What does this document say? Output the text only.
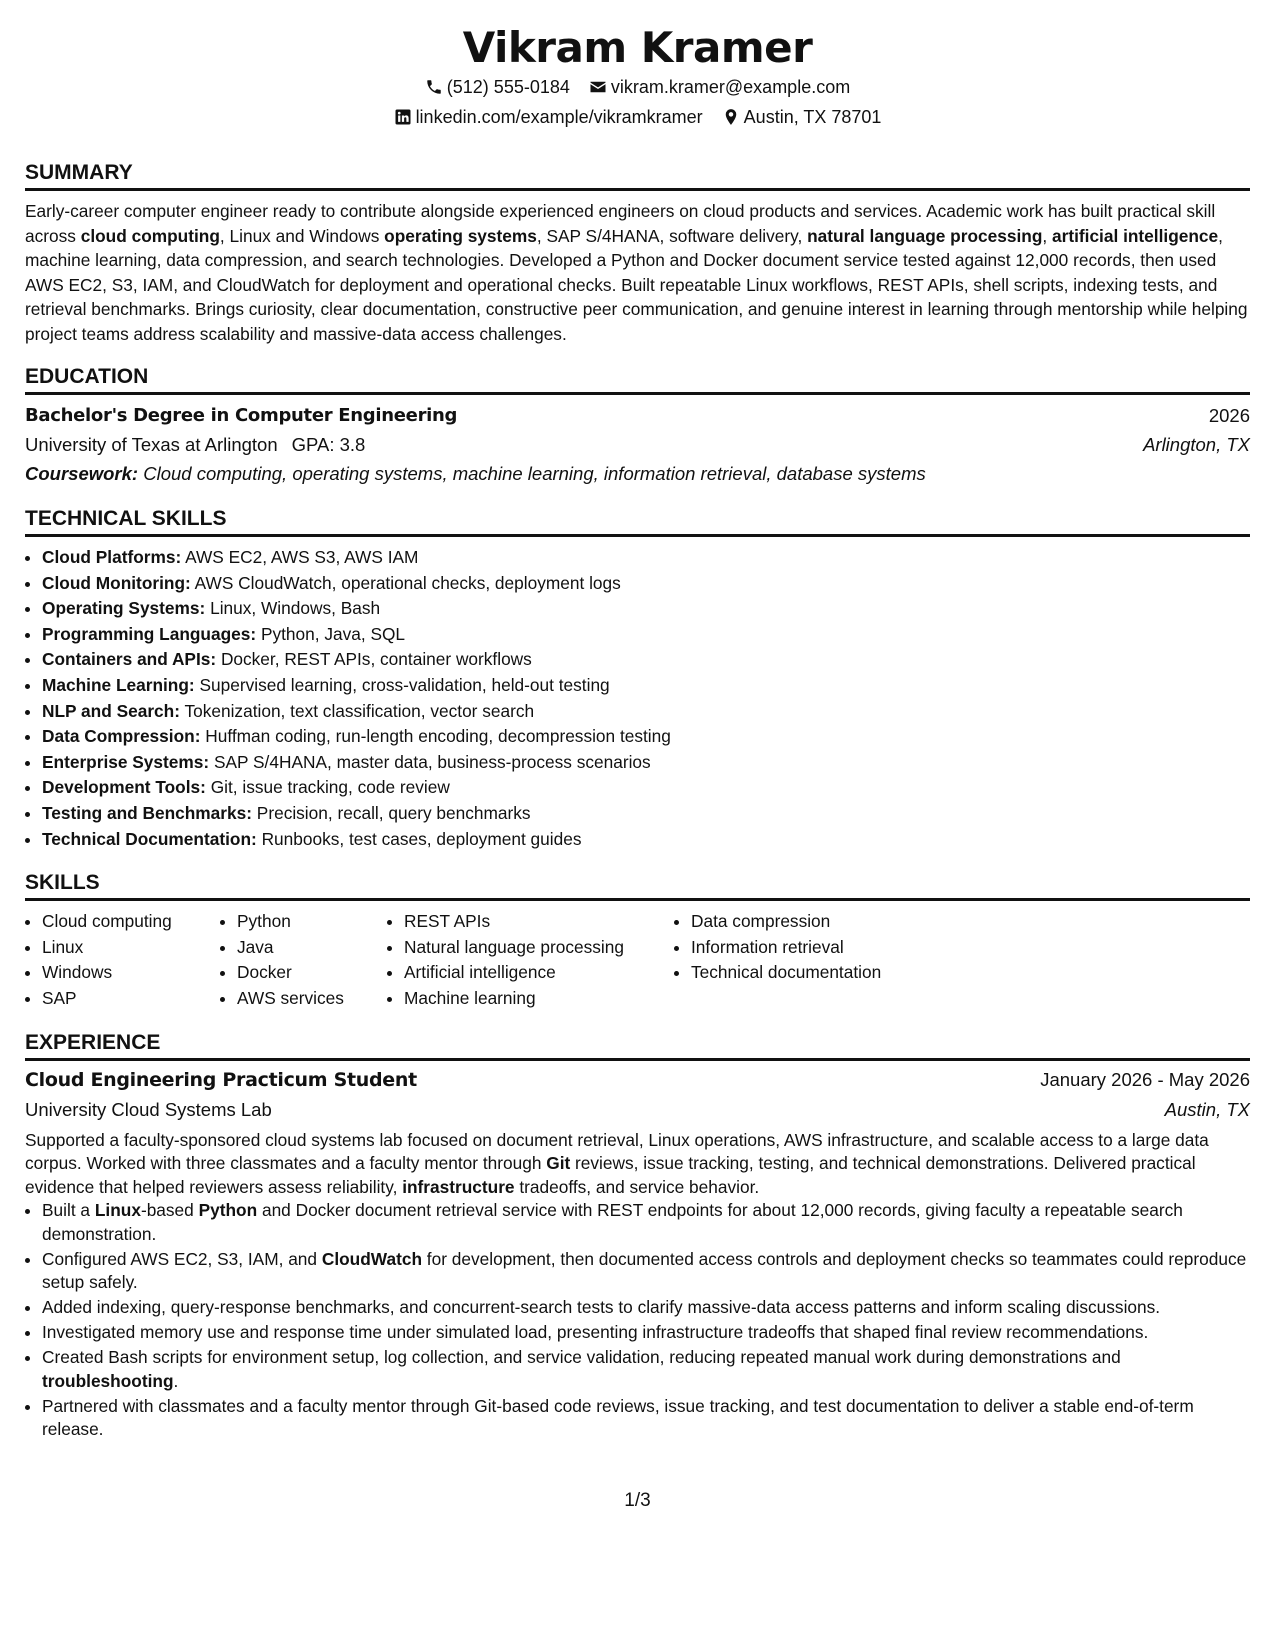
Vikram Kramer
(512) 555-0184 vikram.kramer@example.com
linkedin.com/example/vikramkramer Austin, TX 78701
SUMMARY

Early-career computer engineer ready to contribute alongside experienced engineers on cloud products and services. Academic work has built practical skill across cloud computing, Linux and Windows operating systems, SAP S/4HANA, software delivery, natural language processing, artificial intelligence, machine learning, data compression, and search technologies. Developed a Python and Docker document service tested against 12,000 records, then used AWS EC2, S3, IAM, and CloudWatch for deployment and operational checks. Built repeatable Linux workflows, REST APIs, shell scripts, indexing tests, and retrieval benchmarks. Brings curiosity, clear documentation, constructive peer communication, and genuine interest in learning through mentorship while helping project teams address scalability and massive-data access challenges.

EDUCATION
Bachelor's Degree in Computer Engineering	2026
University of Texas at Arlington GPA: 3.8	Arlington, TX
Coursework: Cloud computing, operating systems, machine learning, information retrieval, database systems
TECHNICAL SKILLS
• Cloud Platforms: AWS EC2, AWS S3, AWS IAM
• Cloud Monitoring: AWS CloudWatch, operational checks, deployment logs
• Operating Systems: Linux, Windows, Bash
• Programming Languages: Python, Java, SQL
• Containers and APIs: Docker, REST APIs, container workflows
• Machine Learning: Supervised learning, cross-validation, held-out testing
• NLP and Search: Tokenization, text classification, vector search
• Data Compression: Huffman coding, run-length encoding, decompression testing
• Enterprise Systems: SAP S/4HANA, master data, business-process scenarios
• Development Tools: Git, issue tracking, code review
• Testing and Benchmarks: Precision, recall, query benchmarks
• Technical Documentation: Runbooks, test cases, deployment guides
SKILLS
• Cloud computing
• Linux
• Windows
• SAP
• Python
• Java
• Docker
• AWS services
• REST APIs
• Natural language processing
• Artificial intelligence
• Machine learning
• Data compression
• Information retrieval
• Technical documentation
EXPERIENCE
Cloud Engineering Practicum Student	January 2026 - May 2026
University Cloud Systems Lab	Austin, TX

Supported a faculty-sponsored cloud systems lab focused on document retrieval, Linux operations, AWS infrastructure, and scalable access to a large data corpus. Worked with three classmates and a faculty mentor through Git reviews, issue tracking, testing, and technical demonstrations. Delivered practical evidence that helped reviewers assess reliability, infrastructure tradeoffs, and service behavior.

• Built a Linux-based Python and Docker document retrieval service with REST endpoints for about 12,000 records, giving faculty a repeatable search demonstration.
• Configured AWS EC2, S3, IAM, and CloudWatch for development, then documented access controls and deployment checks so teammates could reproduce setup safely.
• Added indexing, query-response benchmarks, and concurrent-search tests to clarify massive-data access patterns and inform scaling discussions.
• Investigated memory use and response time under simulated load, presenting infrastructure tradeoffs that shaped final review recommendations.
• Created Bash scripts for environment setup, log collection, and service validation, reducing repeated manual work during demonstrations and troubleshooting.
• Partnered with classmates and a faculty mentor through Git-based code reviews, issue tracking, and test documentation to deliver a stable end-of-term release.
1/3
